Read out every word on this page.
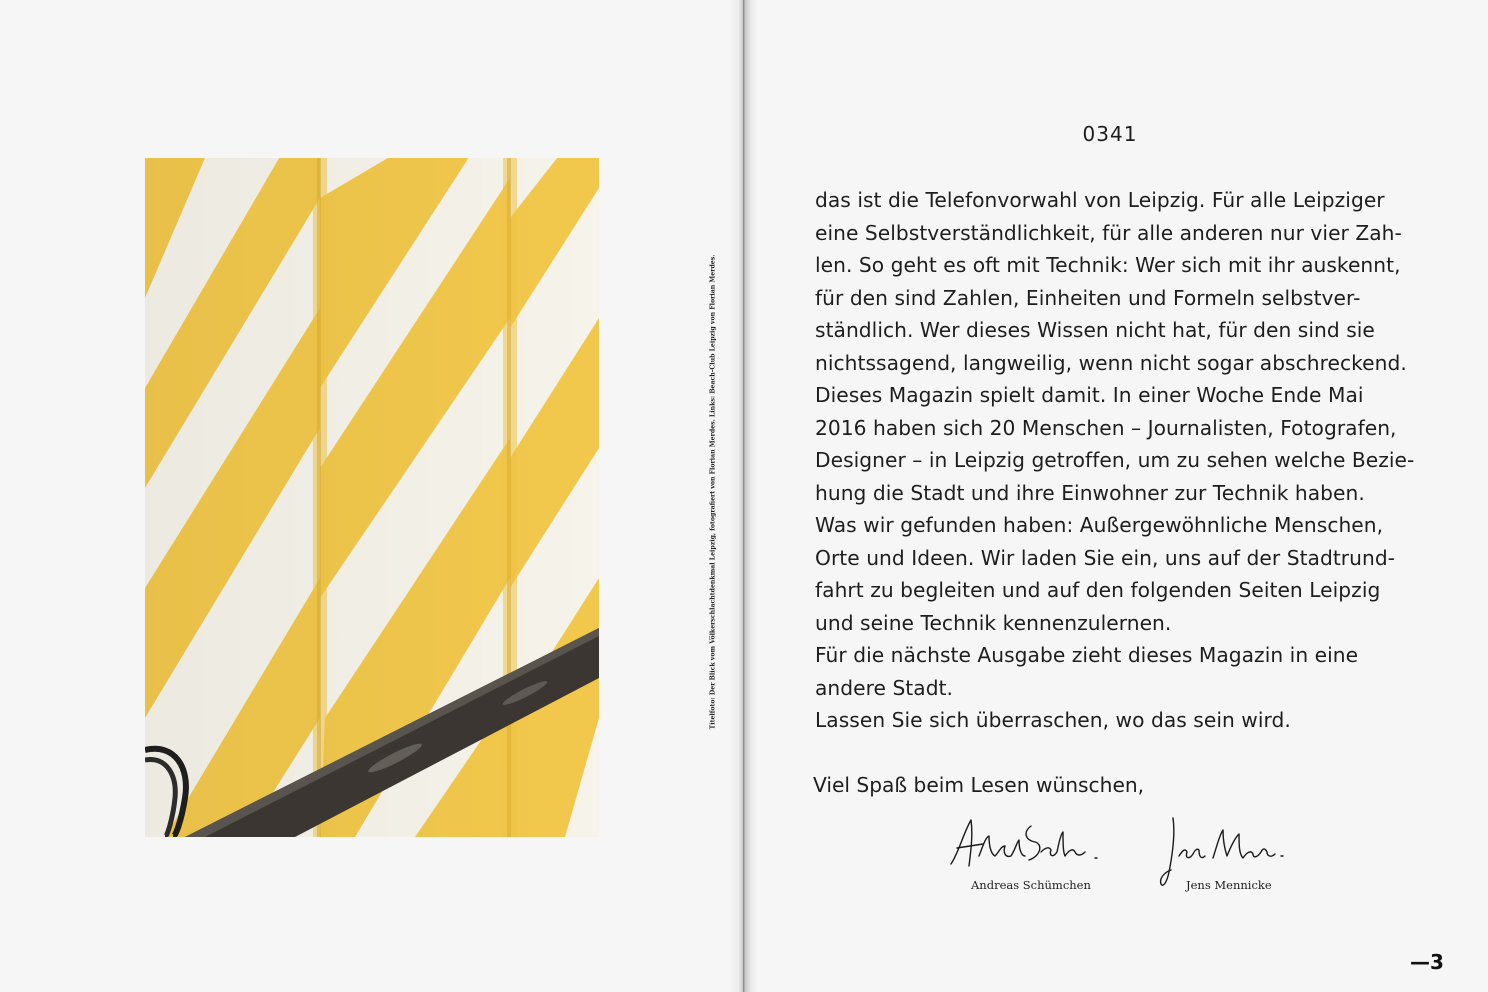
Titelfoto: Der Blick vom Völkerschlachtdenkmal Leipzig, fotografiert von Florian Merdes. Links: Beach-Club Leipzig von Florian Merdes.
0341
das ist die Telefonvorwahl von Leipzig. Für alle Leipziger
eine Selbstverständlichkeit, für alle anderen nur vier Zah-
len. So geht es oft mit Technik: Wer sich mit ihr auskennt,
für den sind Zahlen, Einheiten und Formeln selbstver-
ständlich. Wer dieses Wissen nicht hat, für den sind sie
nichtssagend, langweilig, wenn nicht sogar abschreckend.
Dieses Magazin spielt damit. In einer Woche Ende Mai
2016 haben sich 20 Menschen – Journalisten, Fotografen,
Designer – in Leipzig getroffen, um zu sehen welche Bezie-
hung die Stadt und ihre Einwohner zur Technik haben.
Was wir gefunden haben: Außergewöhnliche Menschen,
Orte und Ideen. Wir laden Sie ein, uns auf der Stadtrund-
fahrt zu begleiten und auf den folgenden Seiten Leipzig
und seine Technik kennenzulernen.
Für die nächste Ausgabe zieht dieses Magazin in eine
andere Stadt.
Lassen Sie sich überraschen, wo das sein wird.
Viel Spaß beim Lesen wünschen,
Andreas Schümchen	Jens Mennicke
—3
